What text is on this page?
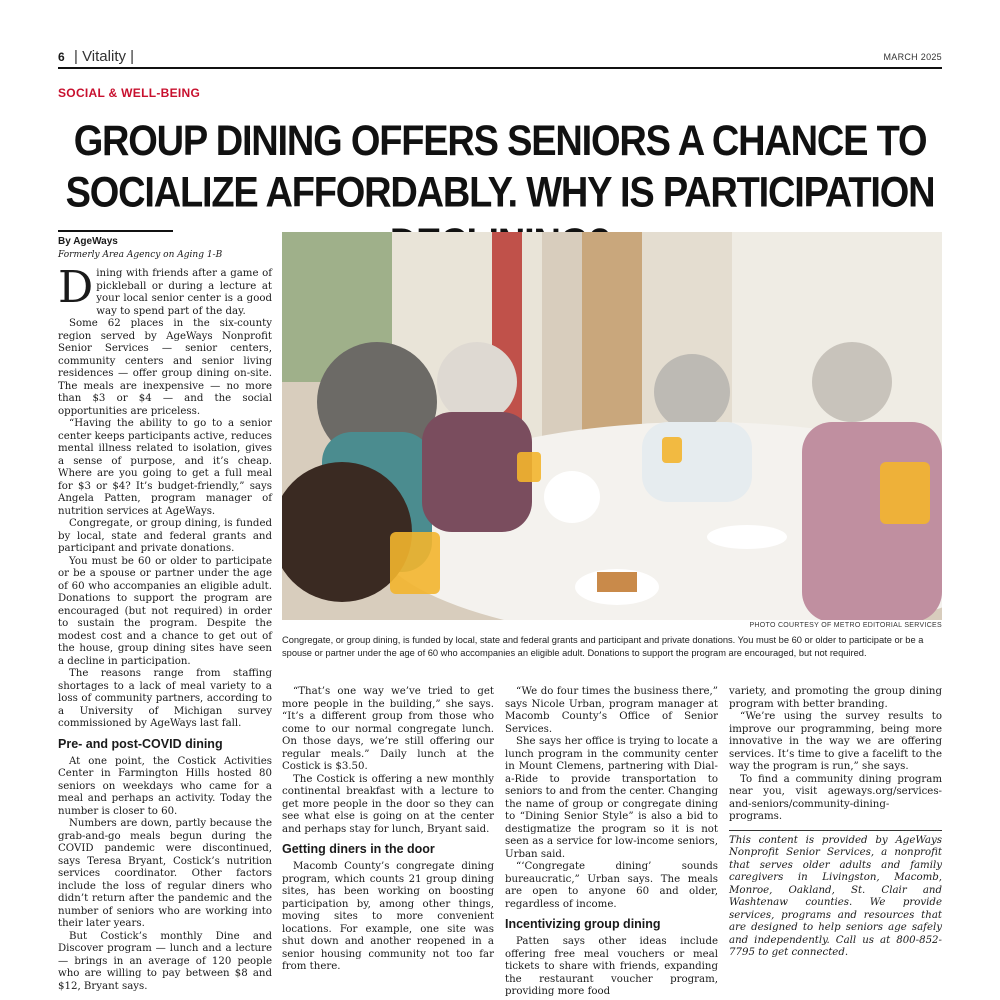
6 | Vitality |	MARCH 2025
SOCIAL & WELL-BEING
GROUP DINING OFFERS SENIORS A CHANCE TO SOCIALIZE AFFORDABLY. WHY IS PARTICIPATION
By AgeWays
Formerly Area Agency on Aging 1-B

Dining with friends after a game of pickleball or during a lecture at your local senior center is a good way to spend part of the day.

Some 62 places in the six-county region served by AgeWays Nonprofit Senior Services — senior centers, community centers and senior living residences — offer group dining on-site. The meals are inexpensive — no more than $3 or $4 — and the social opportunities are priceless.

“Having the ability to go to a senior center keeps participants active, reduces mental illness related to isolation, gives a sense of purpose, and it’s cheap. Where are you going to get a full meal for $3 or $4? It’s budget-friendly,” says Angela Patten, program manager of nutrition services at AgeWays.

Congregate, or group dining, is funded by local, state and federal grants and participant and private donations.

You must be 60 or older to participate or be a spouse or partner under the age of 60 who accompanies an eligible adult. Donations to support the program are encouraged (but not required) in order to sustain the program. Despite the modest cost and a chance to get out of the house, group dining sites have seen a decline in participation.

The reasons range from staffing shortages to a lack of meal variety to a loss of community partners, according to a University of Michigan survey commissioned by AgeWays last fall.

Pre- and post-COVID dining

At one point, the Costick Activities Center in Farmington Hills hosted 80 seniors on weekdays who came for a meal and perhaps an activity. Today the number is closer to 60.

Numbers are down, partly because the grab-and-go meals begun during the COVID pandemic were discontinued, says Teresa Bryant, Costick’s nutrition services coordinator. Other factors include the loss of regular diners who didn’t return after the pandemic and the number of seniors who are working into their later years.

But Costick’s monthly Dine and Discover program — lunch and a lecture — brings in an average of 120 people who are willing to pay between $8 and $12, Bryant says.

PHOTO COURTESY OF METRO EDITORIAL SERVICES
Congregate, or group dining, is funded by local, state and federal grants and participant and private donations. You must be 60 or older to participate or be a spouse or partner under the age of 60 who accompanies an eligible adult. Donations to support the program are encouraged, but not required.

“That’s one way we’ve tried to get more people in the building,” she says. “It’s a different group from those who come to our normal congregate lunch. On those days, we’re still offering our regular meals.” Daily lunch at the Costick is $3.50.

The Costick is offering a new monthly continental breakfast with a lecture to get more people in the door so they can see what else is going on at the center and perhaps stay for lunch, Bryant said.

Getting diners in the door

Macomb County’s congregate dining program, which counts 21 group dining sites, has been working on boosting participation by, among other things, moving sites to more convenient locations. For example, one site was shut down and another reopened in a senior housing community not too far from there.

“We do four times the business there,” says Nicole Urban, program manager at Macomb County’s Office of Senior Services.

She says her office is trying to locate a lunch program in the community center in Mount Clemens, partnering with Dial-a-Ride to provide transportation to seniors to and from the center. Changing the name of group or congregate dining to “Dining Senior Style” is also a bid to destigmatize the program so it is not seen as a service for low-income seniors, Urban said.

“‘Congregate dining’ sounds bureaucratic,” Urban says. The meals are open to anyone 60 and older, regardless of income.

Incentivizing group dining

Patten says other ideas include offering free meal vouchers or meal tickets to share with friends, expanding the restaurant voucher program, providing more food

variety, and promoting the group dining program with better branding.

“We’re using the survey results to improve our programming, being more innovative in the way we are offering services. It’s time to give a facelift to the way the program is run,” she says.

To find a community dining program near you, visit ageways.org/services-and-seniors/community-dining-programs.

This content is provided by AgeWays Nonprofit Senior Services, a nonprofit that serves older adults and family caregivers in Livingston, Macomb, Monroe, Oakland, St. Clair and Washtenaw counties. We provide services, programs and resources that are designed to help seniors age safely and independently. Call us at 800-852-7795 to get connected.
